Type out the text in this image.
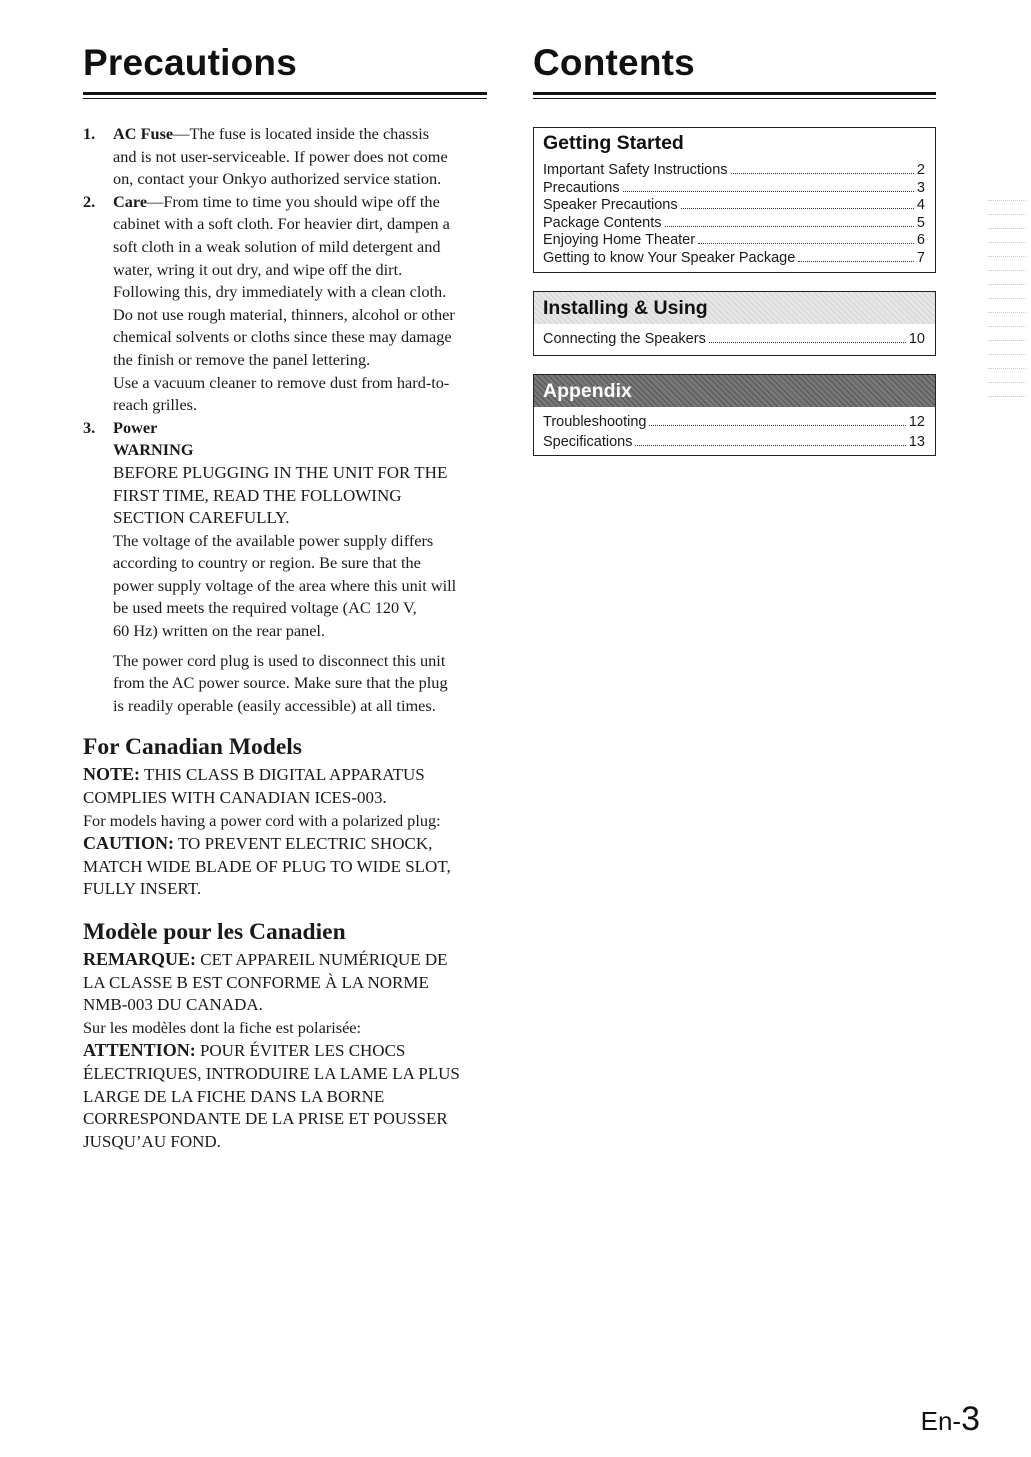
Precautions	Contents
1. AC Fuse—The fuse is located inside the chassis
and is not user-serviceable. If power does not come
on, contact your Onkyo authorized service station.
2. Care—From time to time you should wipe off the
cabinet with a soft cloth. For heavier dirt, dampen a
soft cloth in a weak solution of mild detergent and
water, wring it out dry, and wipe off the dirt.
Following this, dry immediately with a clean cloth.
Do not use rough material, thinners, alcohol or other
chemical solvents or cloths since these may damage
the finish or remove the panel lettering.
Use a vacuum cleaner to remove dust from hard-to-
reach grilles.
3. Power
WARNING
BEFORE PLUGGING IN THE UNIT FOR THE
FIRST TIME, READ THE FOLLOWING
SECTION CAREFULLY.
The voltage of the available power supply differs
according to country or region. Be sure that the
power supply voltage of the area where this unit will
be used meets the required voltage (AC 120 V,
60 Hz) written on the rear panel.
The power cord plug is used to disconnect this unit
from the AC power source. Make sure that the plug
is readily operable (easily accessible) at all times.
For Canadian Models
NOTE: THIS CLASS B DIGITAL APPARATUS
COMPLIES WITH CANADIAN ICES-003.
For models having a power cord with a polarized plug:
CAUTION: TO PREVENT ELECTRIC SHOCK,
MATCH WIDE BLADE OF PLUG TO WIDE SLOT,
FULLY INSERT.
Modèle pour les Canadien
REMARQUE: CET APPAREIL NUMÉRIQUE DE
LA CLASSE B EST CONFORME À LA NORME
NMB-003 DU CANADA.
Sur les modèles dont la fiche est polarisée:
ATTENTION: POUR ÉVITER LES CHOCS
ÉLECTRIQUES, INTRODUIRE LA LAME LA PLUS
LARGE DE LA FICHE DANS LA BORNE
CORRESPONDANTE DE LA PRISE ET POUSSER
JUSQU’AU FOND.
Getting Started
Important Safety Instructions	2
Precautions	3
Speaker Precautions	4
Package Contents	5
Enjoying Home Theater	6
Getting to know Your Speaker Package	7
Installing & Using
Connecting the Speakers	10
Appendix
Troubleshooting	12
Specifications	13
En-3
